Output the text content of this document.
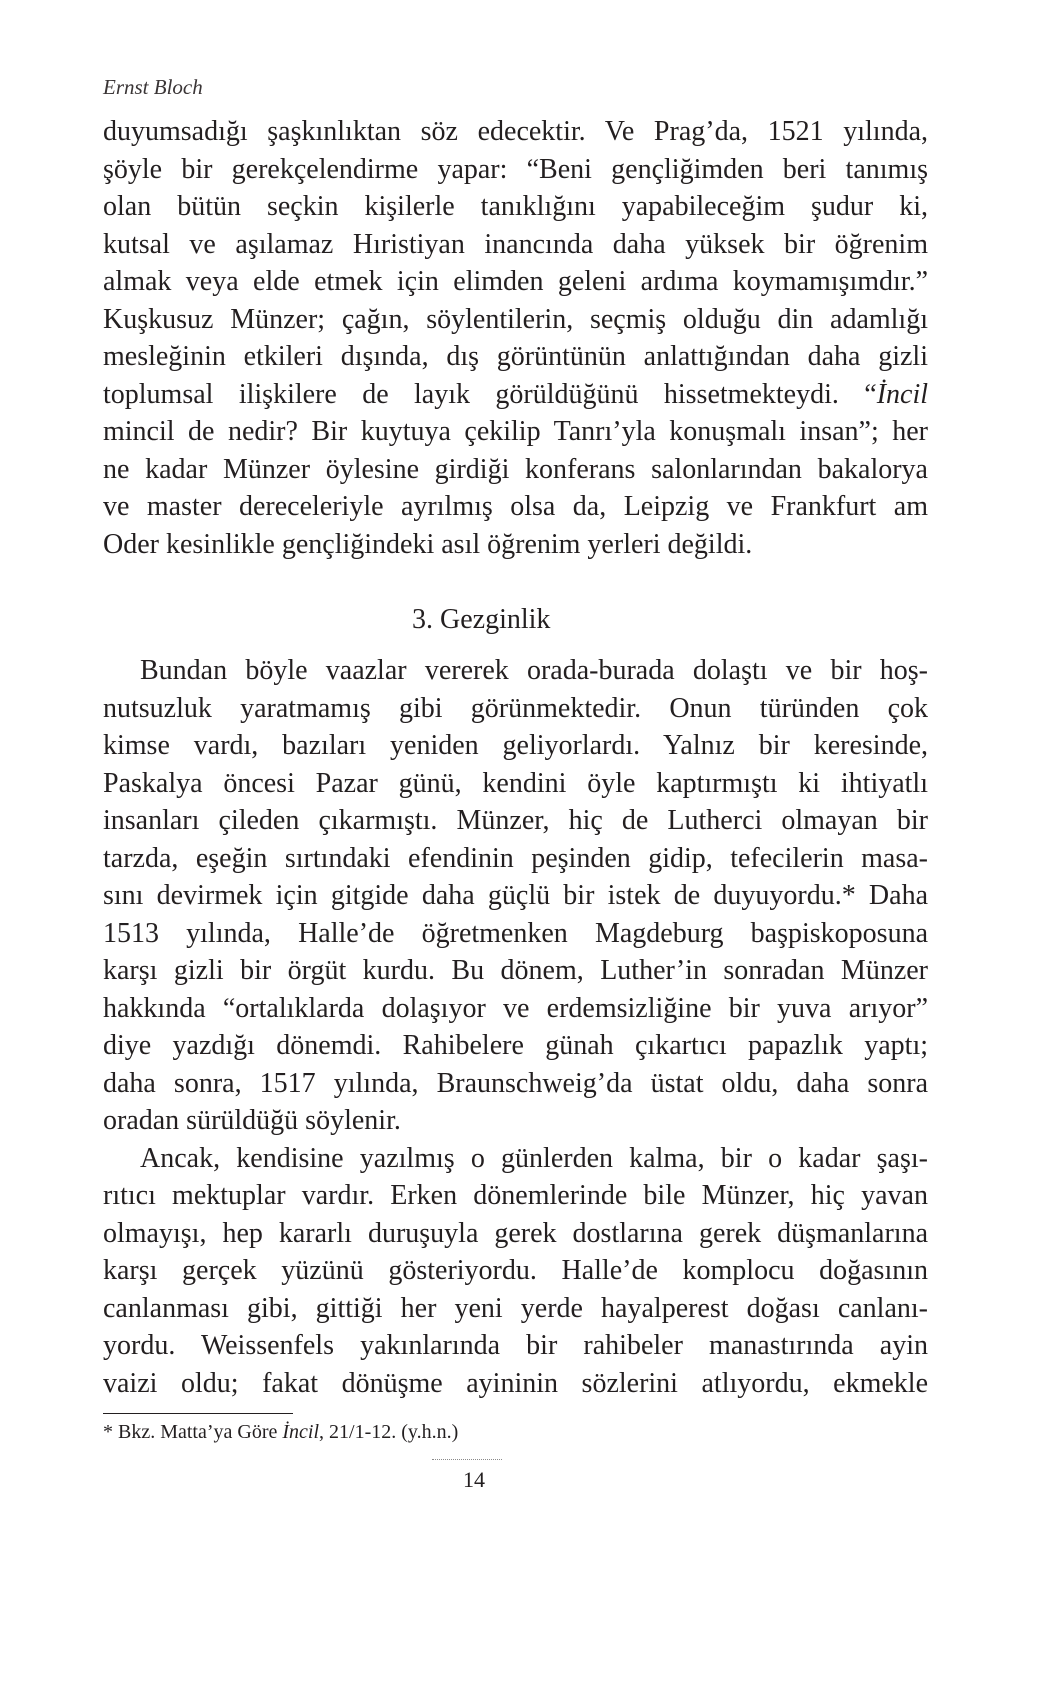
Ernst Bloch
duyumsadığı şaşkınlıktan söz edecektir. Ve Prag’da, 1521 yılında,
şöyle bir gerekçelendirme yapar: “Beni gençliğimden beri tanımış
olan bütün seçkin kişilerle tanıklığını yapabileceğim şudur ki,
kutsal ve aşılamaz Hıristiyan inancında daha yüksek bir öğrenim
almak veya elde etmek için elimden geleni ardıma koymamışımdır.”
Kuşkusuz Münzer; çağın, söylentilerin, seçmiş olduğu din adamlığı
mesleğinin etkileri dışında, dış görüntünün anlattığından daha gizli
toplumsal ilişkilere de layık görüldüğünü hissetmekteydi. “İncil
mincil de nedir? Bir kuytuya çekilip Tanrı’yla konuşmalı insan”; her
ne kadar Münzer öylesine girdiği konferans salonlarından bakalorya
ve master dereceleriyle ayrılmış olsa da, Leipzig ve Frankfurt am
Oder kesinlikle gençliğindeki asıl öğrenim yerleri değildi.
3. Gezginlik
Bundan böyle vaazlar vererek orada-burada dolaştı ve bir hoş-
nutsuzluk yaratmamış gibi görünmektedir. Onun türünden çok
kimse vardı, bazıları yeniden geliyorlardı. Yalnız bir keresinde,
Paskalya öncesi Pazar günü, kendini öyle kaptırmıştı ki ihtiyatlı
insanları çileden çıkarmıştı. Münzer, hiç de Lutherci olmayan bir
tarzda, eşeğin sırtındaki efendinin peşinden gidip, tefecilerin masa-
sını devirmek için gitgide daha güçlü bir istek de duyuyordu.* Daha
1513 yılında, Halle’de öğretmenken Magdeburg başpiskoposuna
karşı gizli bir örgüt kurdu. Bu dönem, Luther’in sonradan Münzer
hakkında “ortalıklarda dolaşıyor ve erdemsizliğine bir yuva arıyor”
diye yazdığı dönemdi. Rahibelere günah çıkartıcı papazlık yaptı;
daha sonra, 1517 yılında, Braunschweig’da üstat oldu, daha sonra
oradan sürüldüğü söylenir.
Ancak, kendisine yazılmış o günlerden kalma, bir o kadar şaşı-
rıtıcı mektuplar vardır. Erken dönemlerinde bile Münzer, hiç yavan
olmayışı, hep kararlı duruşuyla gerek dostlarına gerek düşmanlarına
karşı gerçek yüzünü gösteriyordu. Halle’de komplocu doğasının
canlanması gibi, gittiği her yeni yerde hayalperest doğası canlanı-
yordu. Weissenfels yakınlarında bir rahibeler manastırında ayin
vaizi oldu; fakat dönüşme ayininin sözlerini atlıyordu, ekmekle
* Bkz. Matta’ya Göre İncil, 21/1-12. (y.h.n.)
14
